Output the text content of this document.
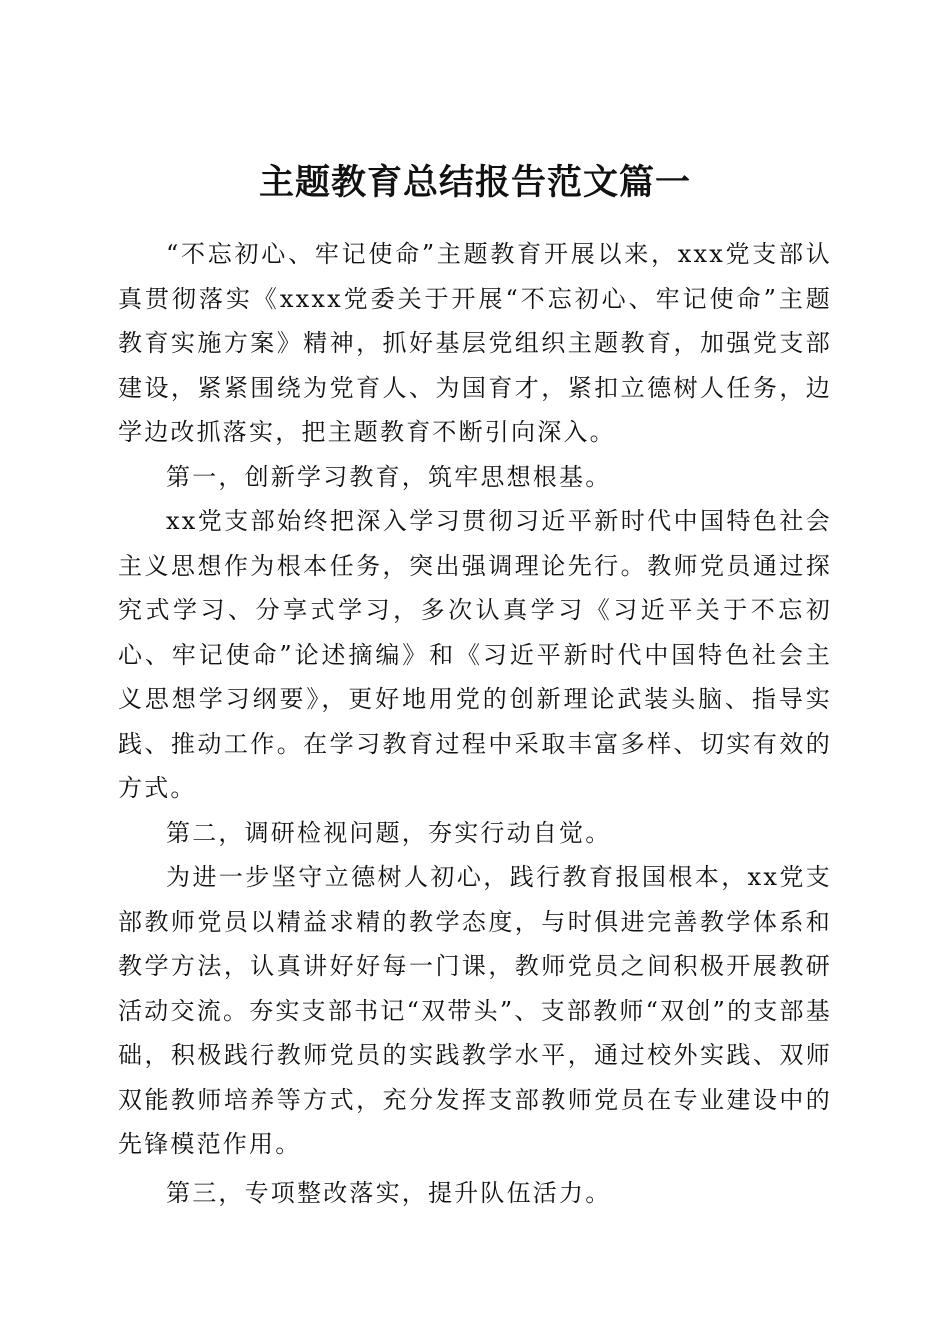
主题教育总结报告范文篇一

“不忘初心、牢记使命”主题教育开展以来，xxx党支部认真贯彻落实《xxxx党委关于开展“不忘初心、牢记使命”主题教育实施方案》精神，抓好基层党组织主题教育，加强党支部建设，紧紧围绕为党育人、为国育才，紧扣立德树人任务，边学边改抓落实，把主题教育不断引向深入。

第一，创新学习教育，筑牢思想根基。

xx党支部始终把深入学习贯彻习近平新时代中国特色社会主义思想作为根本任务，突出强调理论先行。教师党员通过探究式学习、分享式学习，多次认真学习《习近平关于不忘初心、牢记使命”论述摘编》和《习近平新时代中国特色社会主义思想学习纲要》，更好地用党的创新理论武装头脑、指导实践、推动工作。在学习教育过程中采取丰富多样、切实有效的方式。

第二，调研检视问题，夯实行动自觉。

为进一步坚守立德树人初心，践行教育报国根本，xx党支部教师党员以精益求精的教学态度，与时俱进完善教学体系和教学方法，认真讲好好每一门课，教师党员之间积极开展教研活动交流。夯实支部书记“双带头”、支部教师“双创”的支部基础，积极践行教师党员的实践教学水平，通过校外实践、双师双能教师培养等方式，充分发挥支部教师党员在专业建设中的先锋模范作用。

第三，专项整改落实，提升队伍活力。
